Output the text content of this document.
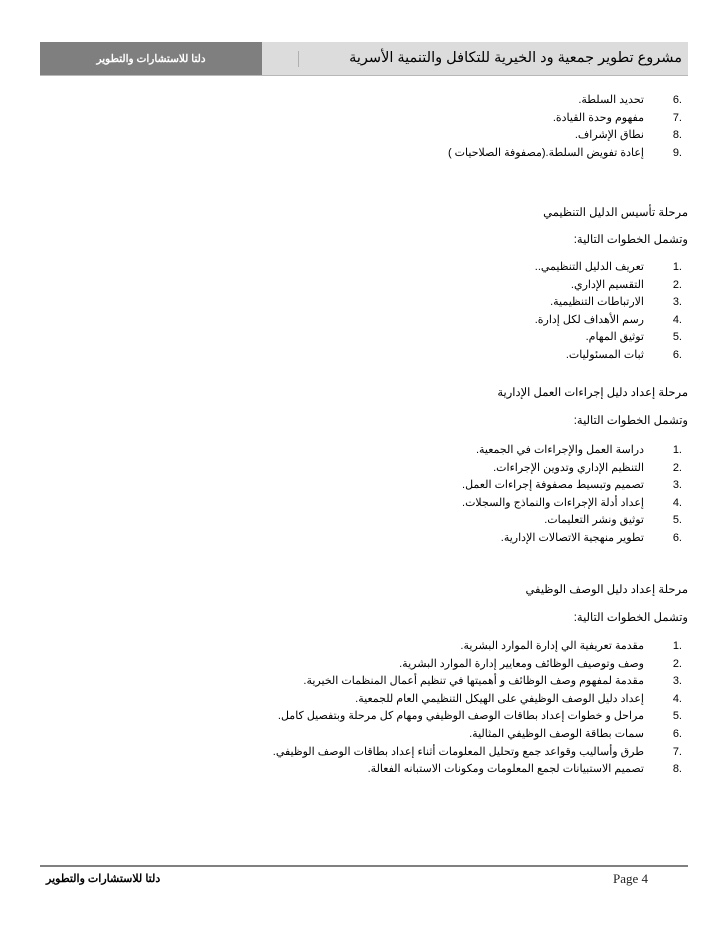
دلتا للاستشارات والتطوير	مشروع تطوير جمعية ود الخيرية للتكافل والتنمية الأسرية
6.
تحديد السلطة.
7.
مفهوم وحدة القيادة.
8.
نطاق الإشراف.
9.
إعادة تفويض السلطة.(مصفوفة الصلاحيات )
مرحلة تأسيس الدليل التنظيمي
وتشمل الخطوات التالية:
1.
تعريف الدليل التنظيمي..
2.
التقسيم الإداري.
3.
الارتباطات التنظيمية.
4.
رسم الأهداف لكل إدارة.
5.
توثيق المهام.
6.
ثبات المسئوليات.
مرحلة إعداد دليل إجراءات العمل الإدارية
وتشمل الخطوات التالية:
1.
دراسة العمل والإجراءات في الجمعية.
2.
التنظيم الإداري وتدوين الإجراءات.
3.
تصميم وتبسيط مصفوفة إجراءات العمل.
4.
إعداد أدلة الإجراءات والنماذج والسجلات.
5.
توثيق ونشر التعليمات.
6.
تطوير منهجية الاتصالات الإدارية.
مرحلة إعداد دليل الوصف الوظيفي
وتشمل الخطوات التالية:
1.
مقدمة تعريفية الي إدارة الموارد البشرية.
2.
وصف وتوصيف الوظائف ومعايير إدارة الموارد البشرية.
3.
مقدمة لمفهوم وصف الوظائف و أهميتها في تنظيم أعمال المنظمات الخيرية.
4.
إعداد دليل الوصف الوظيفي على الهيكل التنظيمي العام للجمعية.
5.
مراحل و خطوات إعداد بطاقات الوصف الوظيفي ومهام كل مرحلة وبتفصيل كامل.
6.
سمات بطاقة الوصف الوظيفي المثالية.
7.
طرق وأساليب وقواعد جمع وتحليل المعلومات أثناء إعداد بطاقات الوصف الوظيفي.
8.
تصميم الاستبيانات لجمع المعلومات ومكونات الاستبانه الفعالة.
دلتا للاستشارات والتطوير	Page 4
